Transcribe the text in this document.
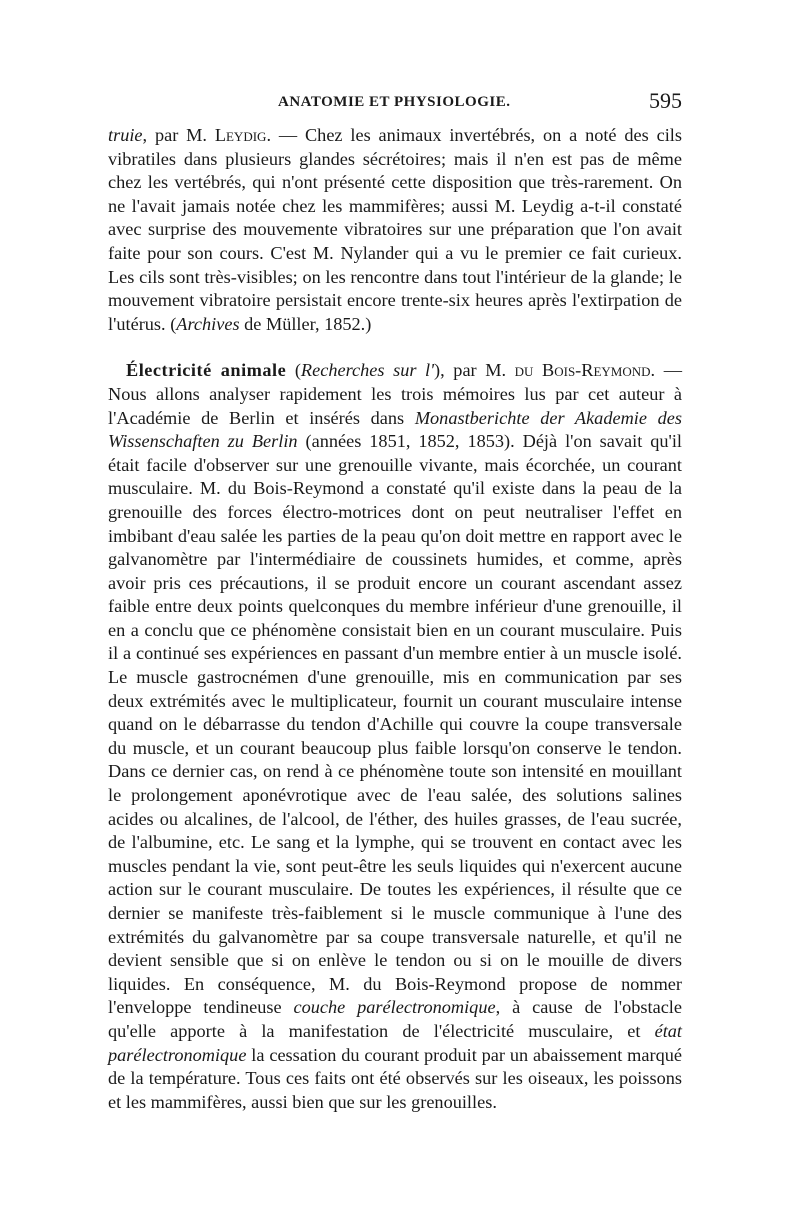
ANATOMIE ET PHYSIOLOGIE.	595

truie, par M. Leydig. — Chez les animaux invertébrés, on a noté des cils vibratiles dans plusieurs glandes sécrétoires; mais il n'en est pas de même chez les vertébrés, qui n'ont présenté cette disposition que très-rarement. On ne l'avait jamais notée chez les mammifères; aussi M. Leydig a-t-il constaté avec surprise des mouvemente vibratoires sur une préparation que l'on avait faite pour son cours. C'est M. Nylander qui a vu le premier ce fait curieux. Les cils sont très-visibles; on les rencontre dans tout l'intérieur de la glande; le mouvement vibratoire persistait encore trente-six heures après l'extirpation de l'utérus. (Archives de Müller, 1852.)

Électricité animale (Recherches sur l'), par M. du Bois-Reymond. — Nous allons analyser rapidement les trois mémoires lus par cet auteur à l'Académie de Berlin et insérés dans Monastberichte der Akademie des Wissenschaften zu Berlin (années 1851, 1852, 1853). Déjà l'on savait qu'il était facile d'observer sur une grenouille vivante, mais écorchée, un courant musculaire. M. du Bois-Reymond a constaté qu'il existe dans la peau de la grenouille des forces électro-motrices dont on peut neutraliser l'effet en imbibant d'eau salée les parties de la peau qu'on doit mettre en rapport avec le galvanomètre par l'intermédiaire de coussinets humides, et comme, après avoir pris ces précautions, il se produit encore un courant ascendant assez faible entre deux points quelconques du membre inférieur d'une grenouille, il en a conclu que ce phénomène consistait bien en un courant musculaire. Puis il a continué ses expériences en passant d'un membre entier à un muscle isolé. Le muscle gastrocnémen d'une grenouille, mis en communication par ses deux extrémités avec le multiplicateur, fournit un courant musculaire intense quand on le débarrasse du tendon d'Achille qui couvre la coupe transversale du muscle, et un courant beaucoup plus faible lorsqu'on conserve le tendon. Dans ce dernier cas, on rend à ce phénomène toute son intensité en mouillant le prolongement aponévrotique avec de l'eau salée, des solutions salines acides ou alcalines, de l'alcool, de l'éther, des huiles grasses, de l'eau sucrée, de l'albumine, etc. Le sang et la lymphe, qui se trouvent en contact avec les muscles pendant la vie, sont peut-être les seuls liquides qui n'exercent aucune action sur le courant musculaire. De toutes les expériences, il résulte que ce dernier se manifeste très-faiblement si le muscle communique à l'une des extrémités du galvanomètre par sa coupe transversale naturelle, et qu'il ne devient sensible que si on enlève le tendon ou si on le mouille de divers liquides. En conséquence, M. du Bois-Reymond propose de nommer l'enveloppe tendineuse couche parélectronomique, à cause de l'obstacle qu'elle apporte à la manifestation de l'électricité musculaire, et état parélectronomique la cessation du courant produit par un abaissement marqué de la température. Tous ces faits ont été observés sur les oiseaux, les poissons et les mammifères, aussi bien que sur les grenouilles.
